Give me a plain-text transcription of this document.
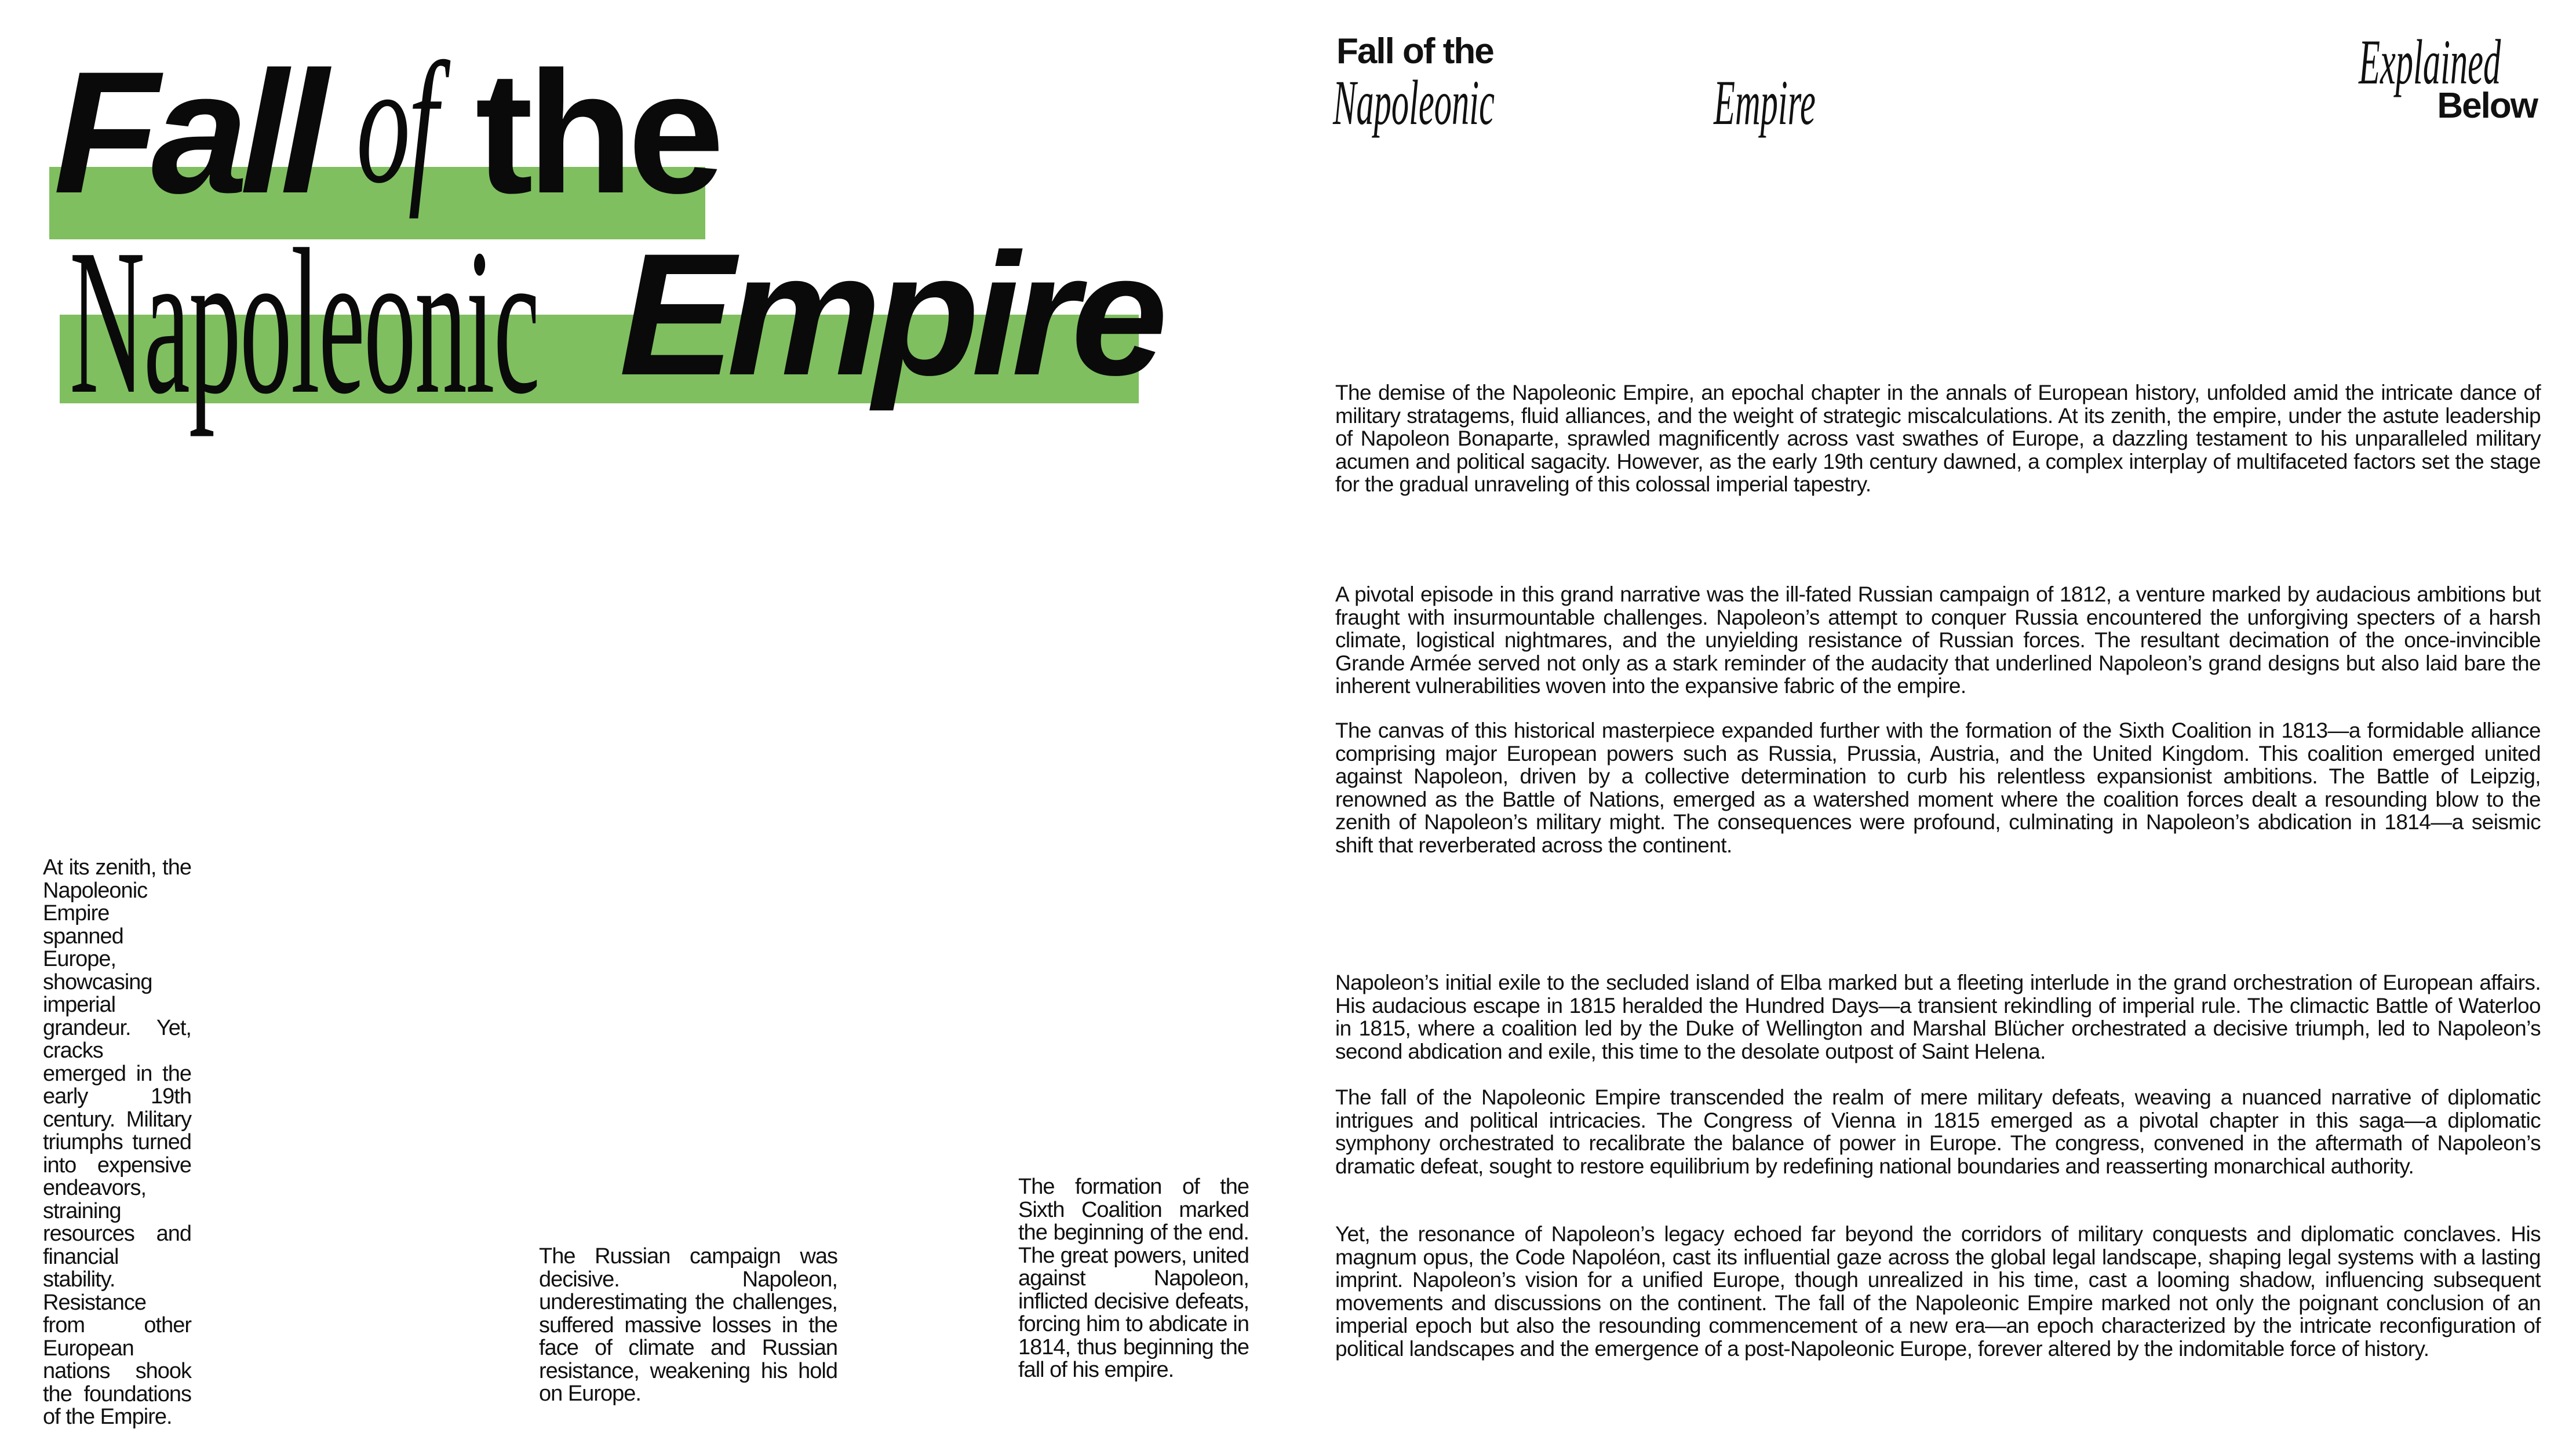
Fall of the
Napoleonic Empire

At its zenith, the Napoleonic Empire spanned Europe, showcasing imperial grandeur. Yet, cracks emerged in the early 19th century. Military triumphs turned into expensive endeavors, straining resources and financial stability. Resistance from other European nations shook the foundations of the Empire.

The Russian campaign was decisive. Napoleon, underestimating the challenges, suffered massive losses in the face of climate and Russian resistance, weakening his hold on Europe.

The formation of the Sixth Coalition marked the beginning of the end. The great powers, united against Napoleon, inflicted decisive defeats, forcing him to abdicate in 1814, thus beginning the fall of his empire.

Fall of the
Napoleonic	Empire
Explained
Below

The demise of the Napoleonic Empire, an epochal chapter in the annals of European history, unfolded amid the intricate dance of military stratagems, fluid alliances, and the weight of strategic miscalculations. At its zenith, the empire, under the astute leadership of Napoleon Bonaparte, sprawled magnificently across vast swathes of Europe, a dazzling testament to his unparalleled military acumen and political sagacity. However, as the early 19th century dawned, a complex interplay of multifaceted factors set the stage for the gradual unraveling of this colossal imperial tapestry.

A pivotal episode in this grand narrative was the ill-fated Russian campaign of 1812, a venture marked by audacious ambitions but fraught with insurmountable challenges. Napoleon’s attempt to conquer Russia encountered the unforgiving specters of a harsh climate, logistical nightmares, and the unyielding resistance of Russian forces. The resultant decimation of the once-invincible Grande Armée served not only as a stark reminder of the audacity that underlined Napoleon’s grand designs but also laid bare the inherent vulnerabilities woven into the expansive fabric of the empire.

The canvas of this historical masterpiece expanded further with the formation of the Sixth Coalition in 1813—a formidable alliance comprising major European powers such as Russia, Prussia, Austria, and the United Kingdom. This coalition emerged united against Napoleon, driven by a collective determination to curb his relentless expansionist ambitions. The Battle of Leipzig, renowned as the Battle of Nations, emerged as a watershed moment where the coalition forces dealt a resounding blow to the zenith of Napoleon’s military might. The consequences were profound, culminating in Napoleon’s abdication in 1814—a seismic shift that reverberated across the continent.

Napoleon’s initial exile to the secluded island of Elba marked but a fleeting interlude in the grand orchestration of European affairs. His audacious escape in 1815 heralded the Hundred Days—a transient rekindling of imperial rule. The climactic Battle of Waterloo in 1815, where a coalition led by the Duke of Wellington and Marshal Blücher orchestrated a decisive triumph, led to Napoleon’s second abdication and exile, this time to the desolate outpost of Saint Helena.

The fall of the Napoleonic Empire transcended the realm of mere military defeats, weaving a nuanced narrative of diplomatic intrigues and political intricacies. The Congress of Vienna in 1815 emerged as a pivotal chapter in this saga—a diplomatic symphony orchestrated to recalibrate the balance of power in Europe. The congress, convened in the aftermath of Napoleon’s dramatic defeat, sought to restore equilibrium by redefining national boundaries and reasserting monarchical authority.

Yet, the resonance of Napoleon’s legacy echoed far beyond the corridors of military conquests and diplomatic conclaves. His magnum opus, the Code Napoléon, cast its influential gaze across the global legal landscape, shaping legal systems with a lasting imprint. Napoleon’s vision for a unified Europe, though unrealized in his time, cast a looming shadow, influencing subsequent movements and discussions on the continent. The fall of the Napoleonic Empire marked not only the poignant conclusion of an imperial epoch but also the resounding commencement of a new era—an epoch characterized by the intricate reconfiguration of political landscapes and the emergence of a post-Napoleonic Europe, forever altered by the indomitable force of history.
